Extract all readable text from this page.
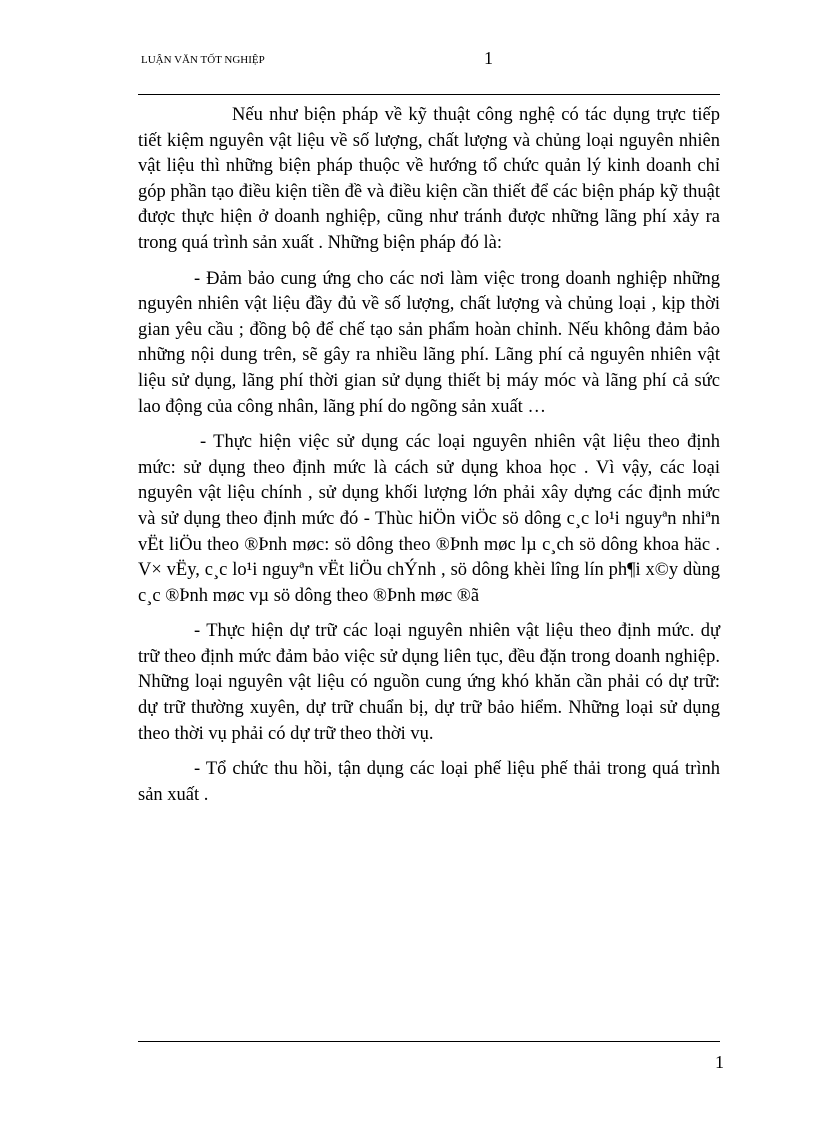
LUẬN VĂN TỐT NGHIỆP	1

Nếu như biện pháp về kỹ thuật công nghệ có tác dụng trực tiếp tiết kiệm nguyên vật liệu về số lượng, chất lượng và chủng loại nguyên nhiên vật liệu thì những biện pháp thuộc về hướng tổ chức quản lý kinh doanh chỉ góp phần tạo điều kiện tiền đề và điều kiện cần thiết để các biện pháp kỹ thuật được thực hiện ở doanh nghiệp, cũng như tránh được những lãng phí xảy ra trong quá trình sản xuất . Những biện pháp đó là:

- Đảm bảo cung ứng cho các nơi làm việc trong doanh nghiệp những nguyên nhiên vật liệu đầy đủ về số lượng, chất lượng và chủng loại , kịp thời gian yêu cầu ; đồng bộ để chế tạo sản phẩm hoàn chỉnh. Nếu không đảm bảo những nội dung trên, sẽ gây ra nhiều lãng phí. Lãng phí cả nguyên nhiên vật liệu sử dụng, lãng phí thời gian sử dụng thiết bị máy móc và lãng phí cả sức lao động của công nhân, lãng phí do ngõng sản xuất …

- Thực hiện việc sử dụng các loại nguyên nhiên vật liệu theo định mức: sử dụng theo định mức là cách sử dụng khoa học . Vì vậy, các loại nguyên vật liệu chính , sử dụng khối lượng lớn phải xây dựng các định mức và sử dụng theo định mức đó - Thùc hiÖn viÖc sö dông c¸c lo¹i nguyªn nhiªn vËt liÖu theo ®Þnh møc: sö dông theo ®Þnh møc lµ c¸ch sö dông khoa häc . V× vËy, c¸c lo¹i nguyªn vËt liÖu chÝnh , sö dông khèi lîng lín ph¶i x©y dùng c¸c ®Þnh møc vµ sö dông theo ®Þnh møc ®ã

- Thực hiện dự trữ các loại nguyên nhiên vật liệu theo định mức. dự trữ theo định mức đảm bảo việc sử dụng liên tục, đều đặn trong doanh nghiệp. Những loại nguyên vật liệu có nguồn cung ứng khó khăn cần phải có dự trữ: dự trữ thường xuyên, dự trữ chuẩn bị, dự trữ bảo hiểm. Những loại sử dụng theo thời vụ phải có dự trữ theo thời vụ.

- Tổ chức thu hồi, tận dụng các loại phế liệu phế thải trong quá trình sản xuất .

1
